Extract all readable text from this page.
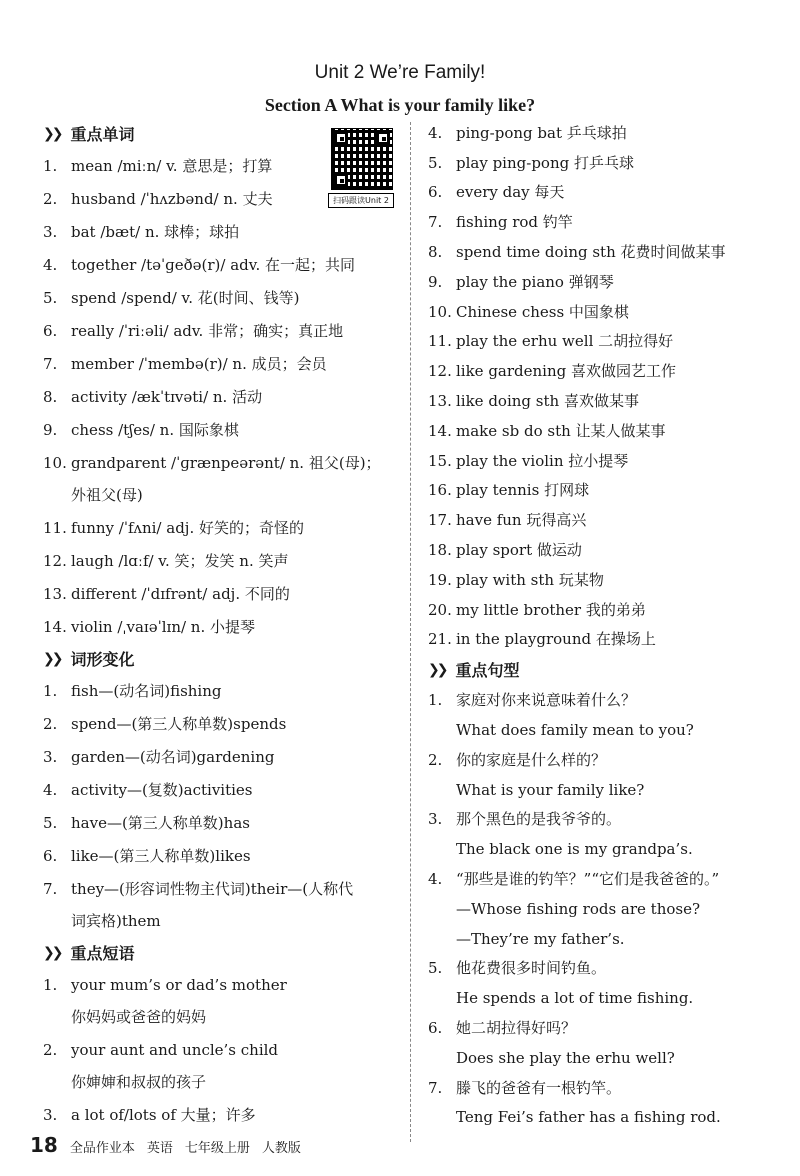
Unit 2 We’re Family!
Section A What is your family like?
扫码跟读Unit 2
❯❯ 重点单词
1. mean /miːn/ v. 意思是；打算
2. husband /ˈhʌzbənd/ n. 丈夫
3. bat /bæt/ n. 球棒；球拍
4. together /təˈɡeðə(r)/ adv. 在一起；共同
5. spend /spend/ v. 花(时间、钱等)
6. really /ˈriːəli/ adv. 非常；确实；真正地
7. member /ˈmembə(r)/ n. 成员；会员
8. activity /ækˈtɪvəti/ n. 活动
9. chess /tʃes/ n. 国际象棋
10. grandparent /ˈɡrænpeərənt/ n. 祖父(母)；
外祖父(母)
11. funny /ˈfʌni/ adj. 好笑的；奇怪的
12. laugh /lɑːf/ v. 笑；发笑 n. 笑声
13. different /ˈdɪfrənt/ adj. 不同的
14. violin /ˌvaɪəˈlɪn/ n. 小提琴
❯❯ 词形变化
1. fish—(动名词)fishing
2. spend—(第三人称单数)spends
3. garden—(动名词)gardening
4. activity—(复数)activities
5. have—(第三人称单数)has
6. like—(第三人称单数)likes
7. they—(形容词性物主代词)their—(人称代
词宾格)them
❯❯ 重点短语
1. your mum’s or dad’s mother
你妈妈或爸爸的妈妈
2. your aunt and uncle’s child
你婶婶和叔叔的孩子
3. a lot of/lots of 大量；许多
4. ping-pong bat 乒乓球拍
5. play ping-pong 打乒乓球
6. every day 每天
7. fishing rod 钓竿
8. spend time doing sth 花费时间做某事
9. play the piano 弹钢琴
10. Chinese chess 中国象棋
11. play the erhu well 二胡拉得好
12. like gardening 喜欢做园艺工作
13. like doing sth 喜欢做某事
14. make sb do sth 让某人做某事
15. play the violin 拉小提琴
16. play tennis 打网球
17. have fun 玩得高兴
18. play sport 做运动
19. play with sth 玩某物
20. my little brother 我的弟弟
21. in the playground 在操场上
❯❯ 重点句型
1. 家庭对你来说意味着什么？
What does family mean to you?
2. 你的家庭是什么样的？
What is your family like?
3. 那个黑色的是我爷爷的。
The black one is my grandpa’s.
4. “那些是谁的钓竿？”“它们是我爸爸的。”
—Whose fishing rods are those?
—They’re my father’s.
5. 他花费很多时间钓鱼。
He spends a lot of time fishing.
6. 她二胡拉得好吗？
Does she play the erhu well?
7. 滕飞的爸爸有一根钓竿。
Teng Fei’s father has a fishing rod.
18 全品作业本 英语 七年级上册 人教版
